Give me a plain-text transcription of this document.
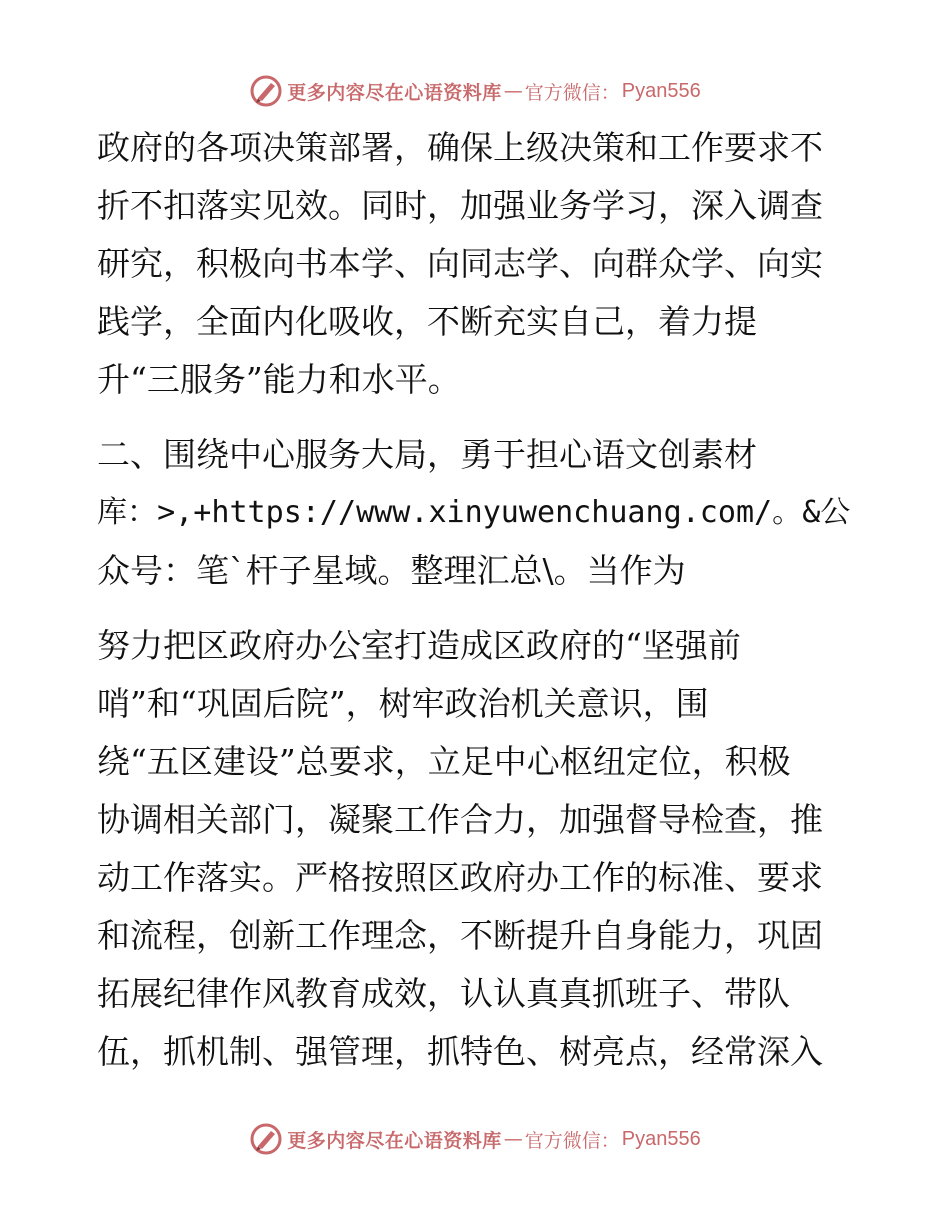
更多内容尽在心语资料库 — 官方微信： Pyan556

政府的各项决策部署，确保上级决策和工作要求不

折不扣落实见效。同时，加强业务学习，深入调查

研究，积极向书本学、向同志学、向群众学、向实

践学，全面内化吸收，不断充实自己，着力提

升“三服务”能力和水平。

二、围绕中心服务大局，勇于担心语文创素材

库：>,+https://www.xinyuwenchuang.com/。&公

众号：笔`杆子星域。整理汇总\。当作为

努力把区政府办公室打造成区政府的“坚强前

哨”和“巩固后院”，树牢政治机关意识，围

绕“五区建设”总要求，立足中心枢纽定位，积极

协调相关部门，凝聚工作合力，加强督导检查，推

动工作落实。严格按照区政府办工作的标准、要求

和流程，创新工作理念，不断提升自身能力，巩固

拓展纪律作风教育成效，认认真真抓班子、带队

伍，抓机制、强管理，抓特色、树亮点，经常深入

更多内容尽在心语资料库 — 官方微信： Pyan556
